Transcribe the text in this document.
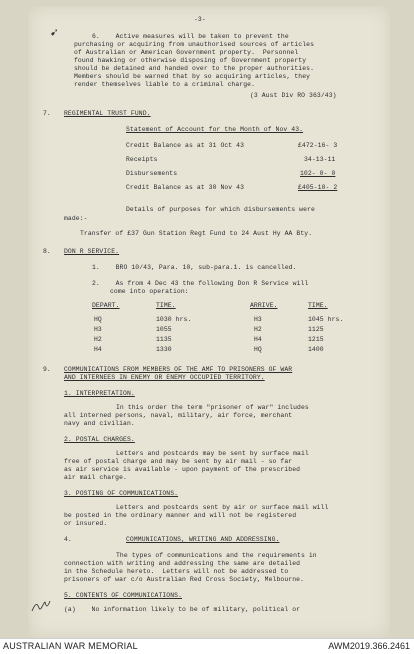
➹
-3-
6.    Active measures will be taken to prevent the
purchasing or acquiring from unauthorised sources of articles
of Australian or American Government property.  Personnel
found hawking or otherwise disposing of Government property
should be detained and handed over to the proper authorities.
Members should be warned that by so acquiring articles, they
render themselves liable to a criminal charge.
(3 Aust Div RO 363/43)
7. REGIMENTAL TRUST FUND.
Statement of Account for the Month of Nov 43.
Credit Balance as at 31 Oct 43	£472-16- 3
Receipts	34-13-11
Disbursements	102- 0- 0
Credit Balance as at 30 Nov 43	£405-10- 2
Details of purposes for which disbursements were
made:-
Transfer of £37 Gun Station Regt Fund to 24 Aust Hy AA Bty.
8. DON R SERVICE.
1.    BRO 10/43, Para. 10, sub-para.1. is cancelled.
2.    As from 4 Dec 43 the following Don R Service will
come into operation:
DEPART.	TIME.	ARRIVE.	TIME.
HQ	1030 hrs.	H3	1045 hrs.
H3	1055	H2	1125
H2	1135	H4	1215
H4	1330	HQ	1400
9. COMMUNICATIONS FROM MEMBERS OF THE AMF TO PRISONERS OF WAR
AND INTERNEES IN ENEMY OR ENEMY OCCUPIED TERRITORY.
1. INTERPRETATION.
In this order the term "prisoner of war" includes
all interned persons, naval, military, air force, merchant
navy and civilian.
2. POSTAL CHARGES.
Letters and postcards may be sent by surface mail
free of postal charge and may be sent by air mail - so far
as air service is available - upon payment of the prescribed
air mail charge.
3. POSTING OF COMMUNICATIONS.
Letters and postcards sent by air or surface mail will
be posted in the ordinary manner and will not be registered
or insured.
4.	COMMUNICATIONS, WRITING AND ADDRESSING.
The types of communications and the requirements in
connection with writing and addressing the same are detailed
in the Schedule hereto.  Letters will not be addressed to
prisoners of war c/o Australian Red Cross Society, Melbourne.
5. CONTENTS OF COMMUNICATIONS.
(a)    No information likely to be of military, political or
AUSTRALIAN WAR MEMORIAL	AWM2019.366.2461
